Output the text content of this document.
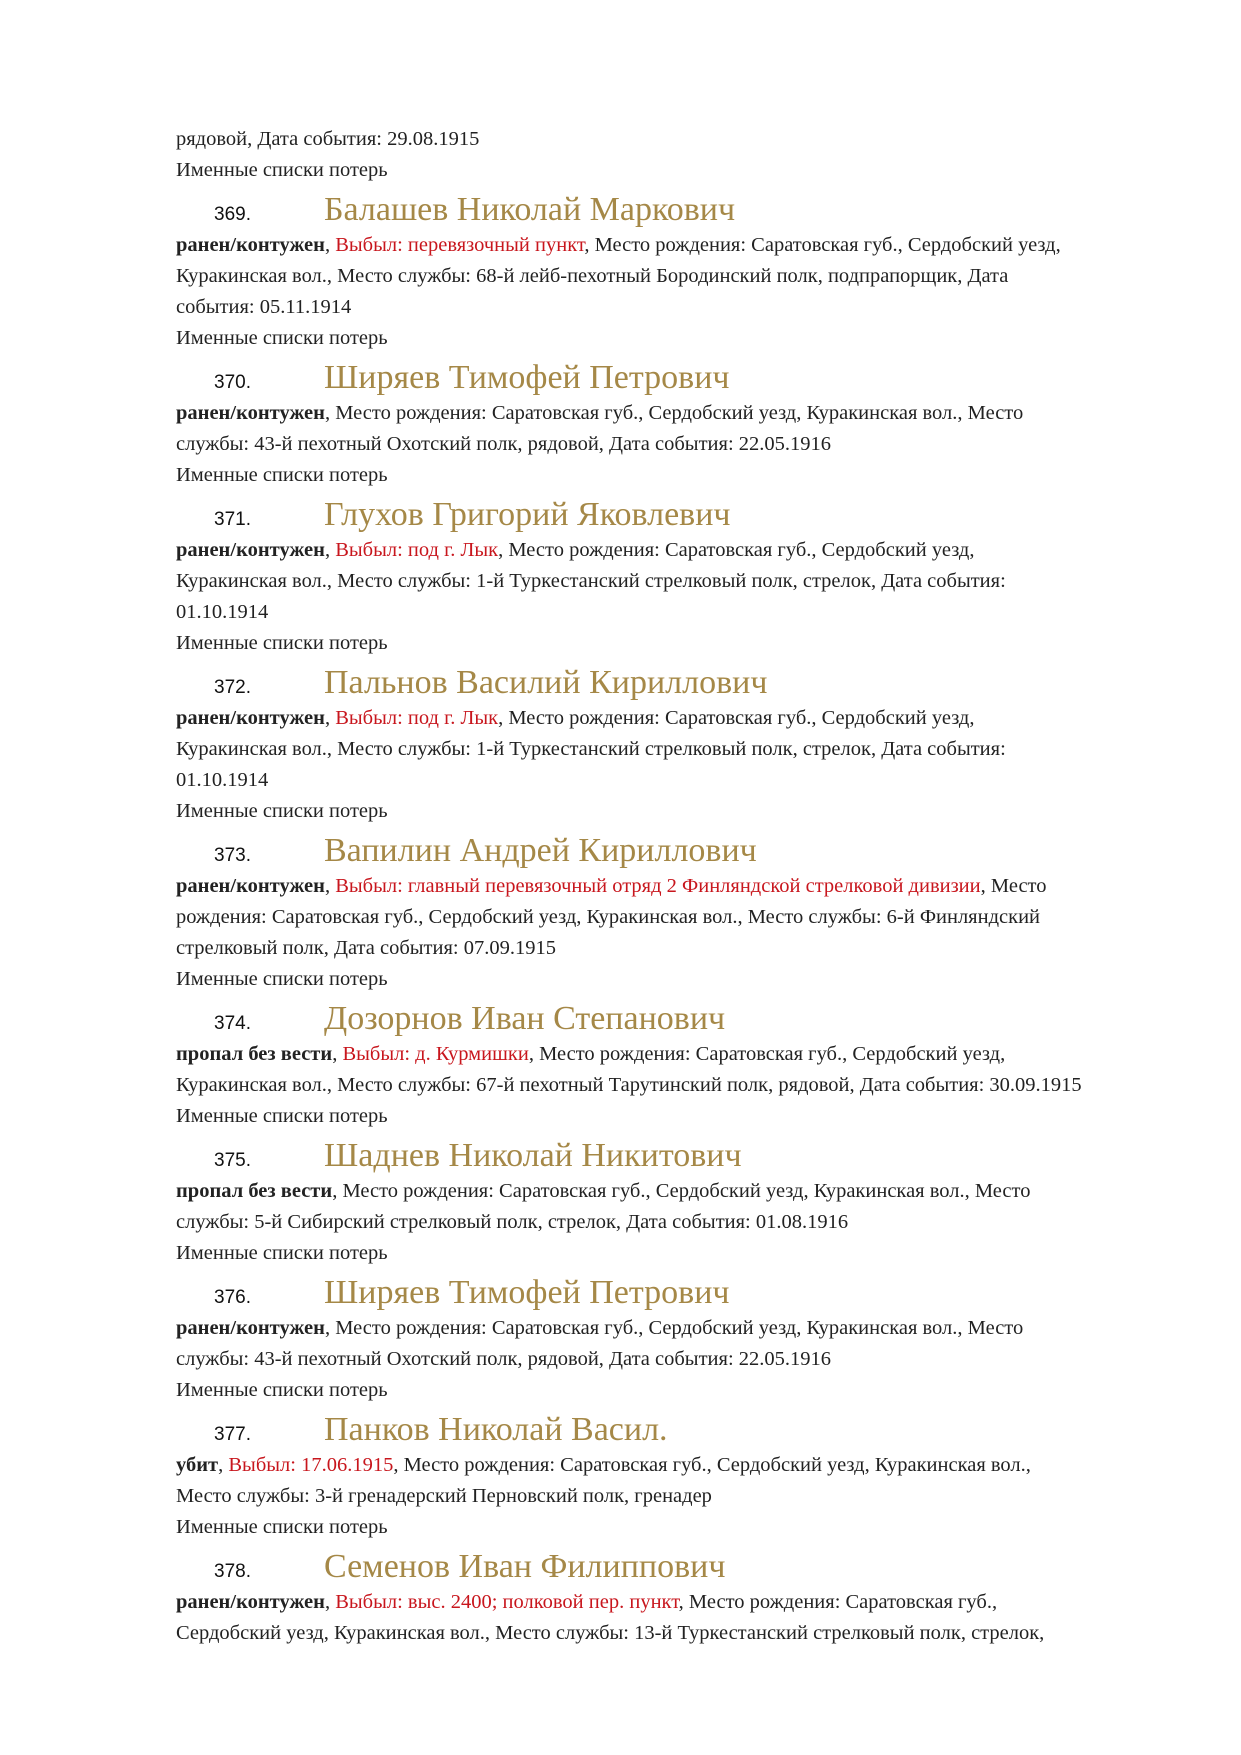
рядовой, Дата события: 29.08.1915
Именные списки потерь
369. Балашев Николай Маркович
ранен/контужен, Выбыл: перевязочный пункт, Место рождения: Саратовская губ., Сердобский уезд,
Куракинская вол., Место службы: 68-й лейб-пехотный Бородинский полк, подпрапорщик, Дата
события: 05.11.1914
Именные списки потерь
370. Ширяев Тимофей Петрович
ранен/контужен, Место рождения: Саратовская губ., Сердобский уезд, Куракинская вол., Место
службы: 43-й пехотный Охотский полк, рядовой, Дата события: 22.05.1916
Именные списки потерь
371. Глухов Григорий Яковлевич
ранен/контужен, Выбыл: под г. Лык, Место рождения: Саратовская губ., Сердобский уезд,
Куракинская вол., Место службы: 1-й Туркестанский стрелковый полк, стрелок, Дата события:
01.10.1914
Именные списки потерь
372. Пальнов Василий Кириллович
ранен/контужен, Выбыл: под г. Лык, Место рождения: Саратовская губ., Сердобский уезд,
Куракинская вол., Место службы: 1-й Туркестанский стрелковый полк, стрелок, Дата события:
01.10.1914
Именные списки потерь
373. Вапилин Андрей Кириллович
ранен/контужен, Выбыл: главный перевязочный отряд 2 Финляндской стрелковой дивизии, Место
рождения: Саратовская губ., Сердобский уезд, Куракинская вол., Место службы: 6-й Финляндский
стрелковый полк, Дата события: 07.09.1915
Именные списки потерь
374. Дозорнов Иван Степанович
пропал без вести, Выбыл: д. Курмишки, Место рождения: Саратовская губ., Сердобский уезд,
Куракинская вол., Место службы: 67-й пехотный Тарутинский полк, рядовой, Дата события: 30.09.1915
Именные списки потерь
375. Шаднев Николай Никитович
пропал без вести, Место рождения: Саратовская губ., Сердобский уезд, Куракинская вол., Место
службы: 5-й Сибирский стрелковый полк, стрелок, Дата события: 01.08.1916
Именные списки потерь
376. Ширяев Тимофей Петрович
ранен/контужен, Место рождения: Саратовская губ., Сердобский уезд, Куракинская вол., Место
службы: 43-й пехотный Охотский полк, рядовой, Дата события: 22.05.1916
Именные списки потерь
377. Панков Николай Васил.
убит, Выбыл: 17.06.1915, Место рождения: Саратовская губ., Сердобский уезд, Куракинская вол.,
Место службы: 3-й гренадерский Перновский полк, гренадер
Именные списки потерь
378. Семенов Иван Филиппович
ранен/контужен, Выбыл: выс. 2400; полковой пер. пункт, Место рождения: Саратовская губ.,
Сердобский уезд, Куракинская вол., Место службы: 13-й Туркестанский стрелковый полк, стрелок,
